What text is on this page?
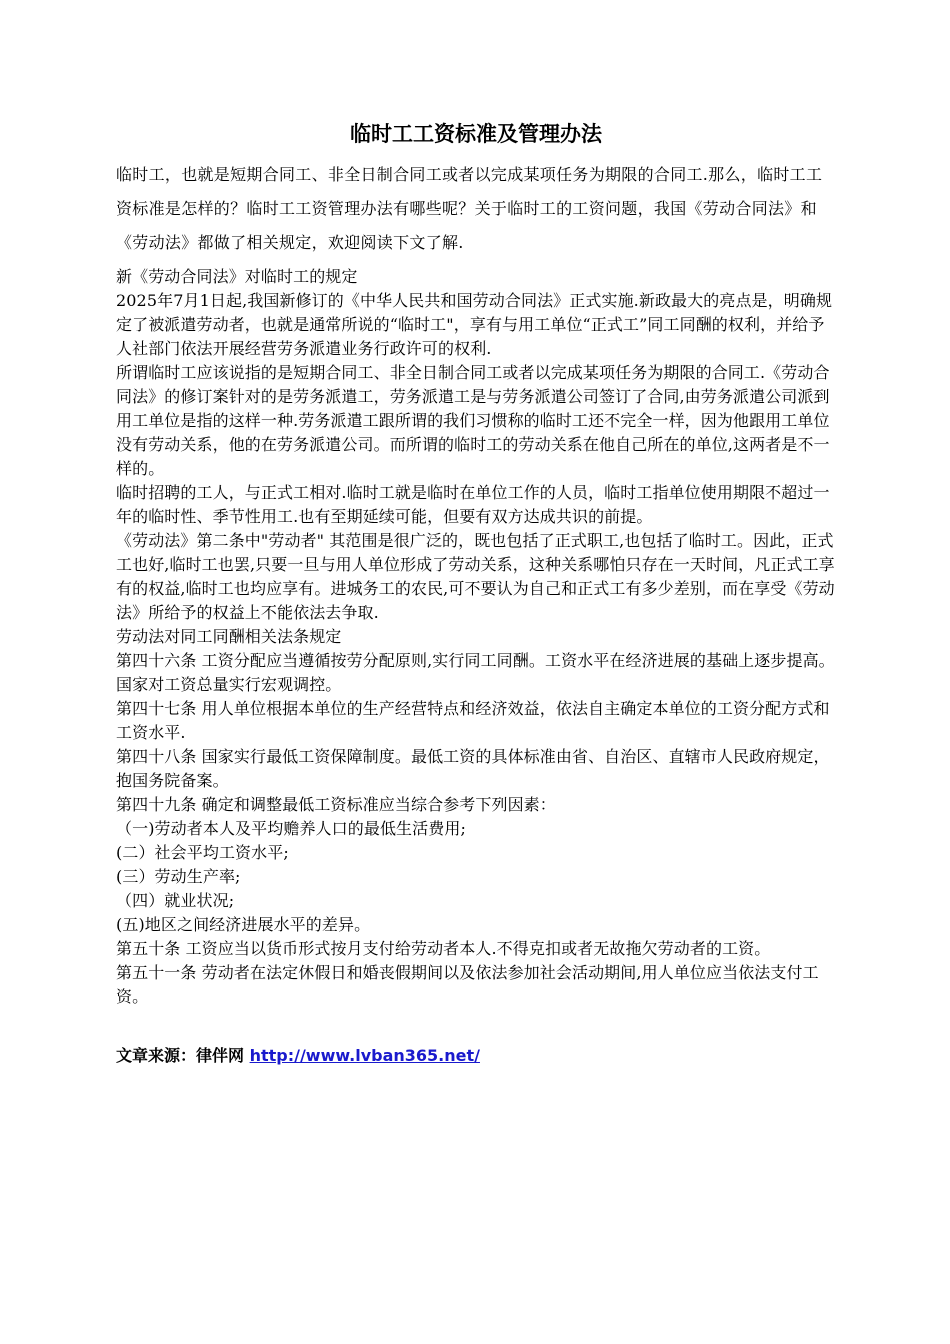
临时工工资标准及管理办法
临时工，也就是短期合同工、非全日制合同工或者以完成某项任务为期限的合同工.那么，临时工工资标准是怎样的？临时工工资管理办法有哪些呢？关于临时工的工资问题，我国《劳动合同法》和《劳动法》都做了相关规定，欢迎阅读下文了解.

新《劳动合同法》对临时工的规定

2025年7月1日起,我国新修订的《中华人民共和国劳动合同法》正式实施.新政最大的亮点是，明确规定了被派遣劳动者，也就是通常所说的“临时工"，享有与用工单位“正式工”同工同酬的权利，并给予人社部门依法开展经营劳务派遣业务行政许可的权利.

所谓临时工应该说指的是短期合同工、非全日制合同工或者以完成某项任务为期限的合同工.《劳动合同法》的修订案针对的是劳务派遣工，劳务派遣工是与劳务派遣公司签订了合同,由劳务派遣公司派到用工单位是指的这样一种.劳务派遣工跟所谓的我们习惯称的临时工还不完全一样，因为他跟用工单位没有劳动关系，他的在劳务派遣公司。而所谓的临时工的劳动关系在他自己所在的单位,这两者是不一样的。

临时招聘的工人，与正式工相对.临时工就是临时在单位工作的人员，临时工指单位使用期限不超过一年的临时性、季节性用工.也有至期延续可能，但要有双方达成共识的前提。

《劳动法》第二条中"劳动者" 其范围是很广泛的，既也包括了正式职工,也包括了临时工。因此，正式工也好,临时工也罢,只要一旦与用人单位形成了劳动关系，这种关系哪怕只存在一天时间，凡正式工享有的权益,临时工也均应享有。进城务工的农民,可不要认为自己和正式工有多少差别，而在享受《劳动法》所给予的权益上不能依法去争取.

劳动法对同工同酬相关法条规定

第四十六条 工资分配应当遵循按劳分配原则,实行同工同酬。工资水平在经济进展的基础上逐步提高。国家对工资总量实行宏观调控。

第四十七条 用人单位根据本单位的生产经营特点和经济效益，依法自主确定本单位的工资分配方式和工资水平.

第四十八条 国家实行最低工资保障制度。最低工资的具体标准由省、自治区、直辖市人民政府规定，抱国务院备案。

第四十九条 确定和调整最低工资标准应当综合参考下列因素：

（一)劳动者本人及平均赡养人口的最低生活费用;

(二）社会平均工资水平;

(三）劳动生产率;

（四）就业状况;

(五)地区之间经济进展水平的差异。

第五十条 工资应当以货币形式按月支付给劳动者本人.不得克扣或者无故拖欠劳动者的工资。

第五十一条 劳动者在法定休假日和婚丧假期间以及依法参加社会活动期间,用人单位应当依法支付工资。

文章来源：律伴网 http://www.lvban365.net/
